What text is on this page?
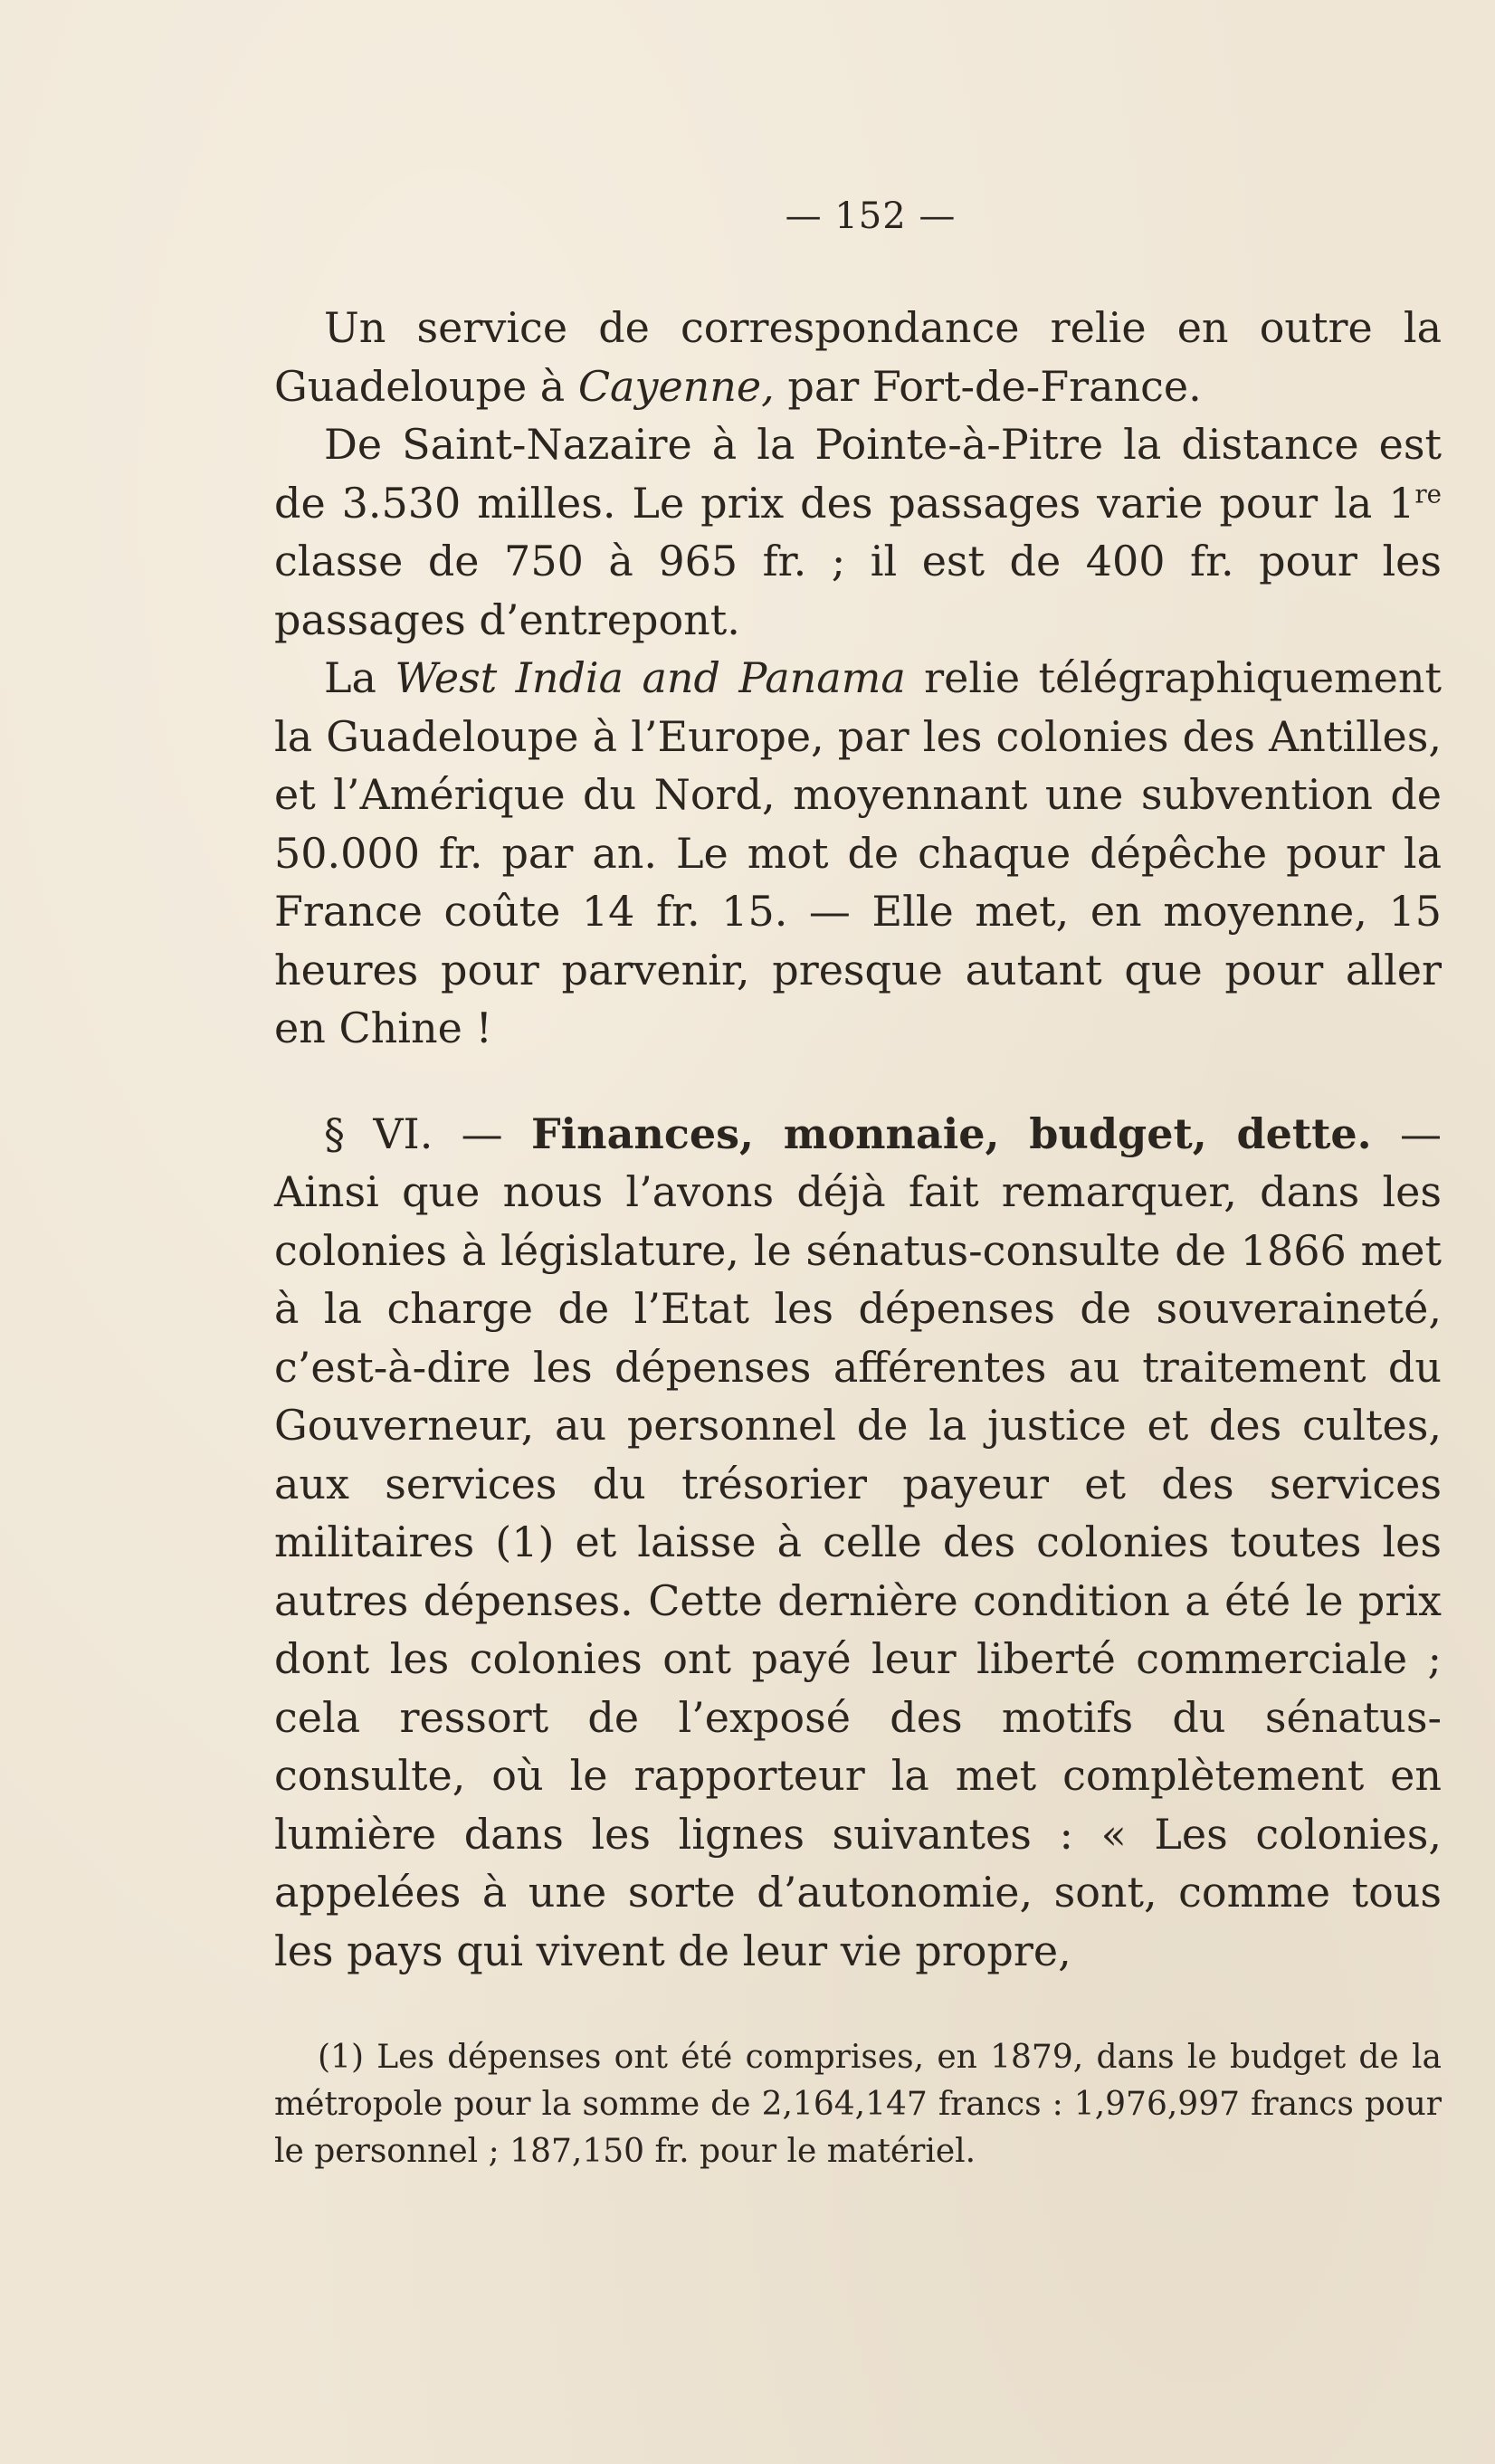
— 152 —

Un service de correspondance relie en outre la Guadeloupe à Cayenne, par Fort-de-France.

De Saint-Nazaire à la Pointe-à-Pitre la distance est de 3.530 milles. Le prix des passages varie pour la 1re classe de 750 à 965 fr. ; il est de 400 fr. pour les passages d’entrepont.

La West India and Panama relie télégraphiquement la Guadeloupe à l’Europe, par les colonies des Antilles, et l’Amérique du Nord, moyennant une subvention de 50.000 fr. par an. Le mot de chaque dépêche pour la France coûte 14 fr. 15. — Elle met, en moyenne, 15 heures pour parvenir, presque autant que pour aller en Chine !

§ VI. — Finances, monnaie, budget, dette. — Ainsi que nous l’avons déjà fait remarquer, dans les colonies à législature, le sénatus-consulte de 1866 met à la charge de l’Etat les dépenses de souveraineté, c’est-à-dire les dépenses afférentes au traitement du Gouverneur, au personnel de la justice et des cultes, aux services du trésorier payeur et des services militaires (1) et laisse à celle des colonies toutes les autres dépenses. Cette dernière condition a été le prix dont les colonies ont payé leur liberté commerciale ; cela ressort de l’exposé des motifs du sénatus-consulte, où le rapporteur la met complètement en lumière dans les lignes suivantes : « Les colonies, appelées à une sorte d’autonomie, sont, comme tous les pays qui vivent de leur vie propre,

(1) Les dépenses ont été comprises, en 1879, dans le budget de la métropole pour la somme de 2,164,147 francs : 1,976,997 francs pour le personnel ; 187,150 fr. pour le matériel.
